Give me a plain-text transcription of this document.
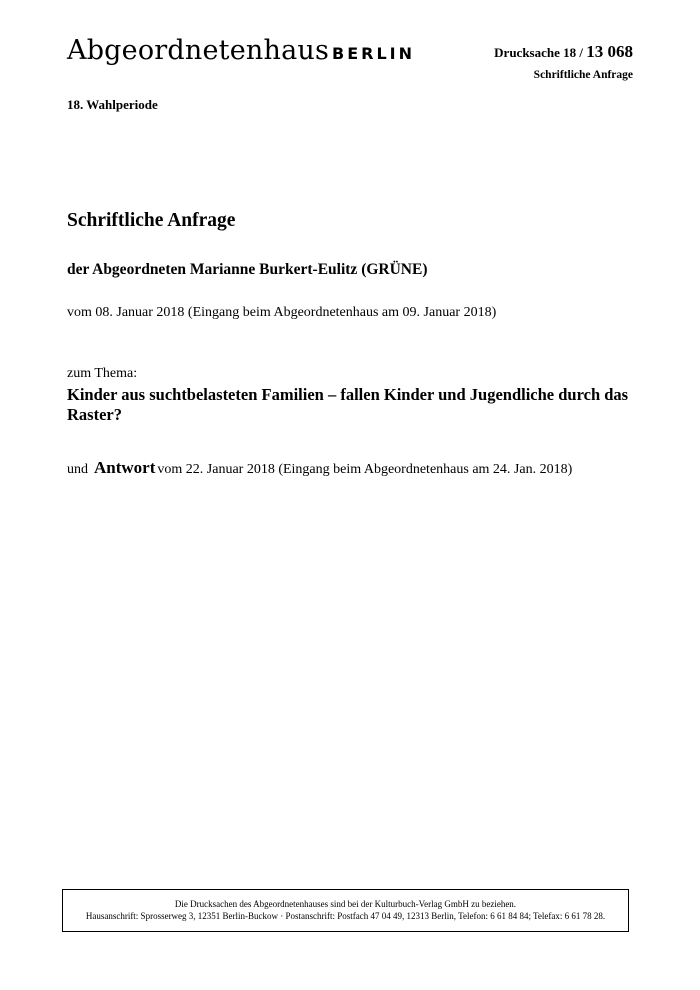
Abgeordnetenhaus BERLIN	Drucksache 18 / 13 068
Schriftliche Anfrage
18. Wahlperiode
Schriftliche Anfrage
der Abgeordneten Marianne Burkert-Eulitz (GRÜNE)
vom 08. Januar 2018 (Eingang beim Abgeordnetenhaus am 09. Januar 2018)
zum Thema:
Kinder aus suchtbelasteten Familien – fallen Kinder und Jugendliche durch das Raster?
und Antwort vom 22. Januar 2018 (Eingang beim Abgeordnetenhaus am 24. Jan. 2018)
Die Drucksachen des Abgeordnetenhauses sind bei der Kulturbuch-Verlag GmbH zu beziehen.
Hausanschrift: Sprosserweg 3, 12351 Berlin-Buckow · Postanschrift: Postfach 47 04 49, 12313 Berlin, Telefon: 6 61 84 84; Telefax: 6 61 78 28.
